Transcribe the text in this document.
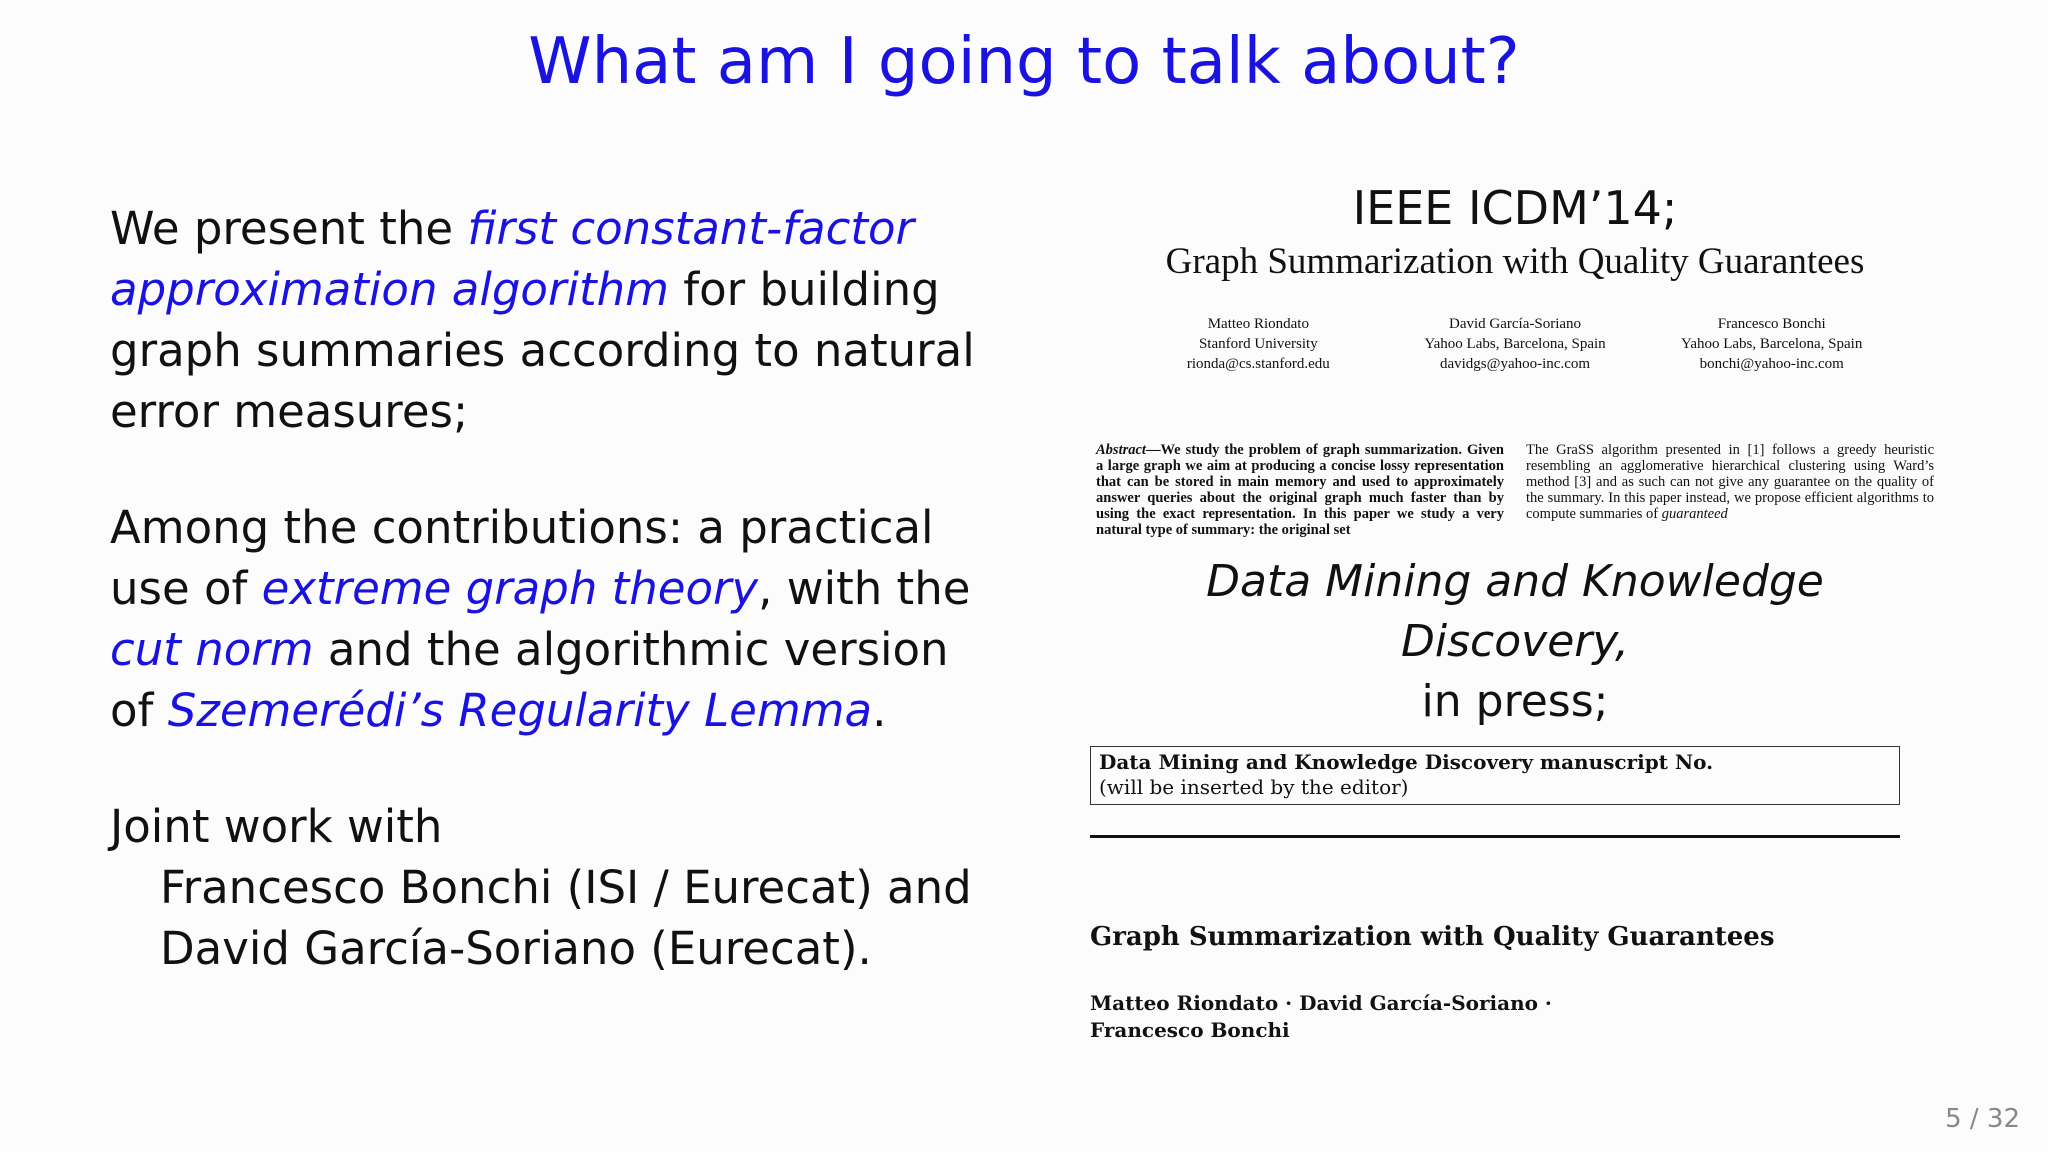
What am I going to talk about?

We present the first constant-factor approximation algorithm for building graph summaries according to natural error measures;

Among the contributions: a practical use of extreme graph theory, with the cut norm and the algorithmic version of Szemerédi’s Regularity Lemma.

Joint work with
Francesco Bonchi (ISI / Eurecat) and
David García-Soriano (Eurecat).

IEEE ICDM’14;
Graph Summarization with Quality Guarantees
Matteo Riondato
Stanford University
rionda@cs.stanford.edu
David García-Soriano
Yahoo Labs, Barcelona, Spain
davidgs@yahoo-inc.com
Francesco Bonchi
Yahoo Labs, Barcelona, Spain
bonchi@yahoo-inc.com
Abstract—We study the problem of graph summarization. Given a large graph we aim at producing a concise lossy representation that can be stored in main memory and used to approximately answer queries about the original graph much faster than by using the exact representation. In this paper we study a very natural type of summary: the original set
The GraSS algorithm presented in [1] follows a greedy heuristic resembling an agglomerative hierarchical clustering using Ward’s method [3] and as such can not give any guarantee on the quality of the summary. In this paper instead, we propose efficient algorithms to compute summaries of guaranteed
Data Mining and Knowledge Discovery,
in press;
Data Mining and Knowledge Discovery manuscript No.
(will be inserted by the editor)
Graph Summarization with Quality Guarantees
Matteo Riondato · David García-Soriano ·
Francesco Bonchi
5 / 32
